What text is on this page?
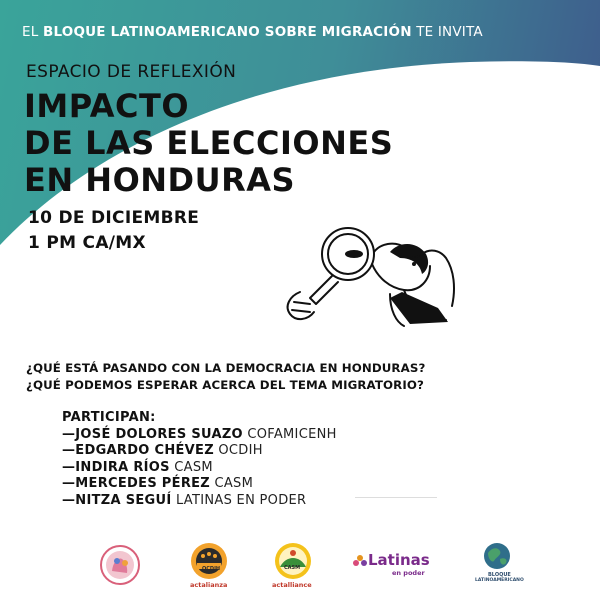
EL BLOQUE LATINOAMERICANO SOBRE MIGRACIÓN TE INVITA
ESPACIO DE REFLEXIÓN
IMPACTO
DE LAS ELECCIONES
EN HONDURAS
10 DE DICIEMBRE
1 PM CA/MX
¿QUÉ ESTÁ PASANDO CON LA DEMOCRACIA EN HONDURAS?
¿QUÉ PODEMOS ESPERAR ACERCA DEL TEMA MIGRATORIO?
PARTICIPAN:
—JOSÉ DOLORES SUAZO COFAMICENH
—EDGARDO CHÉVEZ OCDIH
—INDIRA RÍOS CASM
—MERCEDES PÉREZ CASM
—NITZA SEGUÍ LATINAS EN PODER
OCDIH
actalianza
CASM
actalliance
Latinas
en poder	BLOQUE
LATINOAMERICANO
